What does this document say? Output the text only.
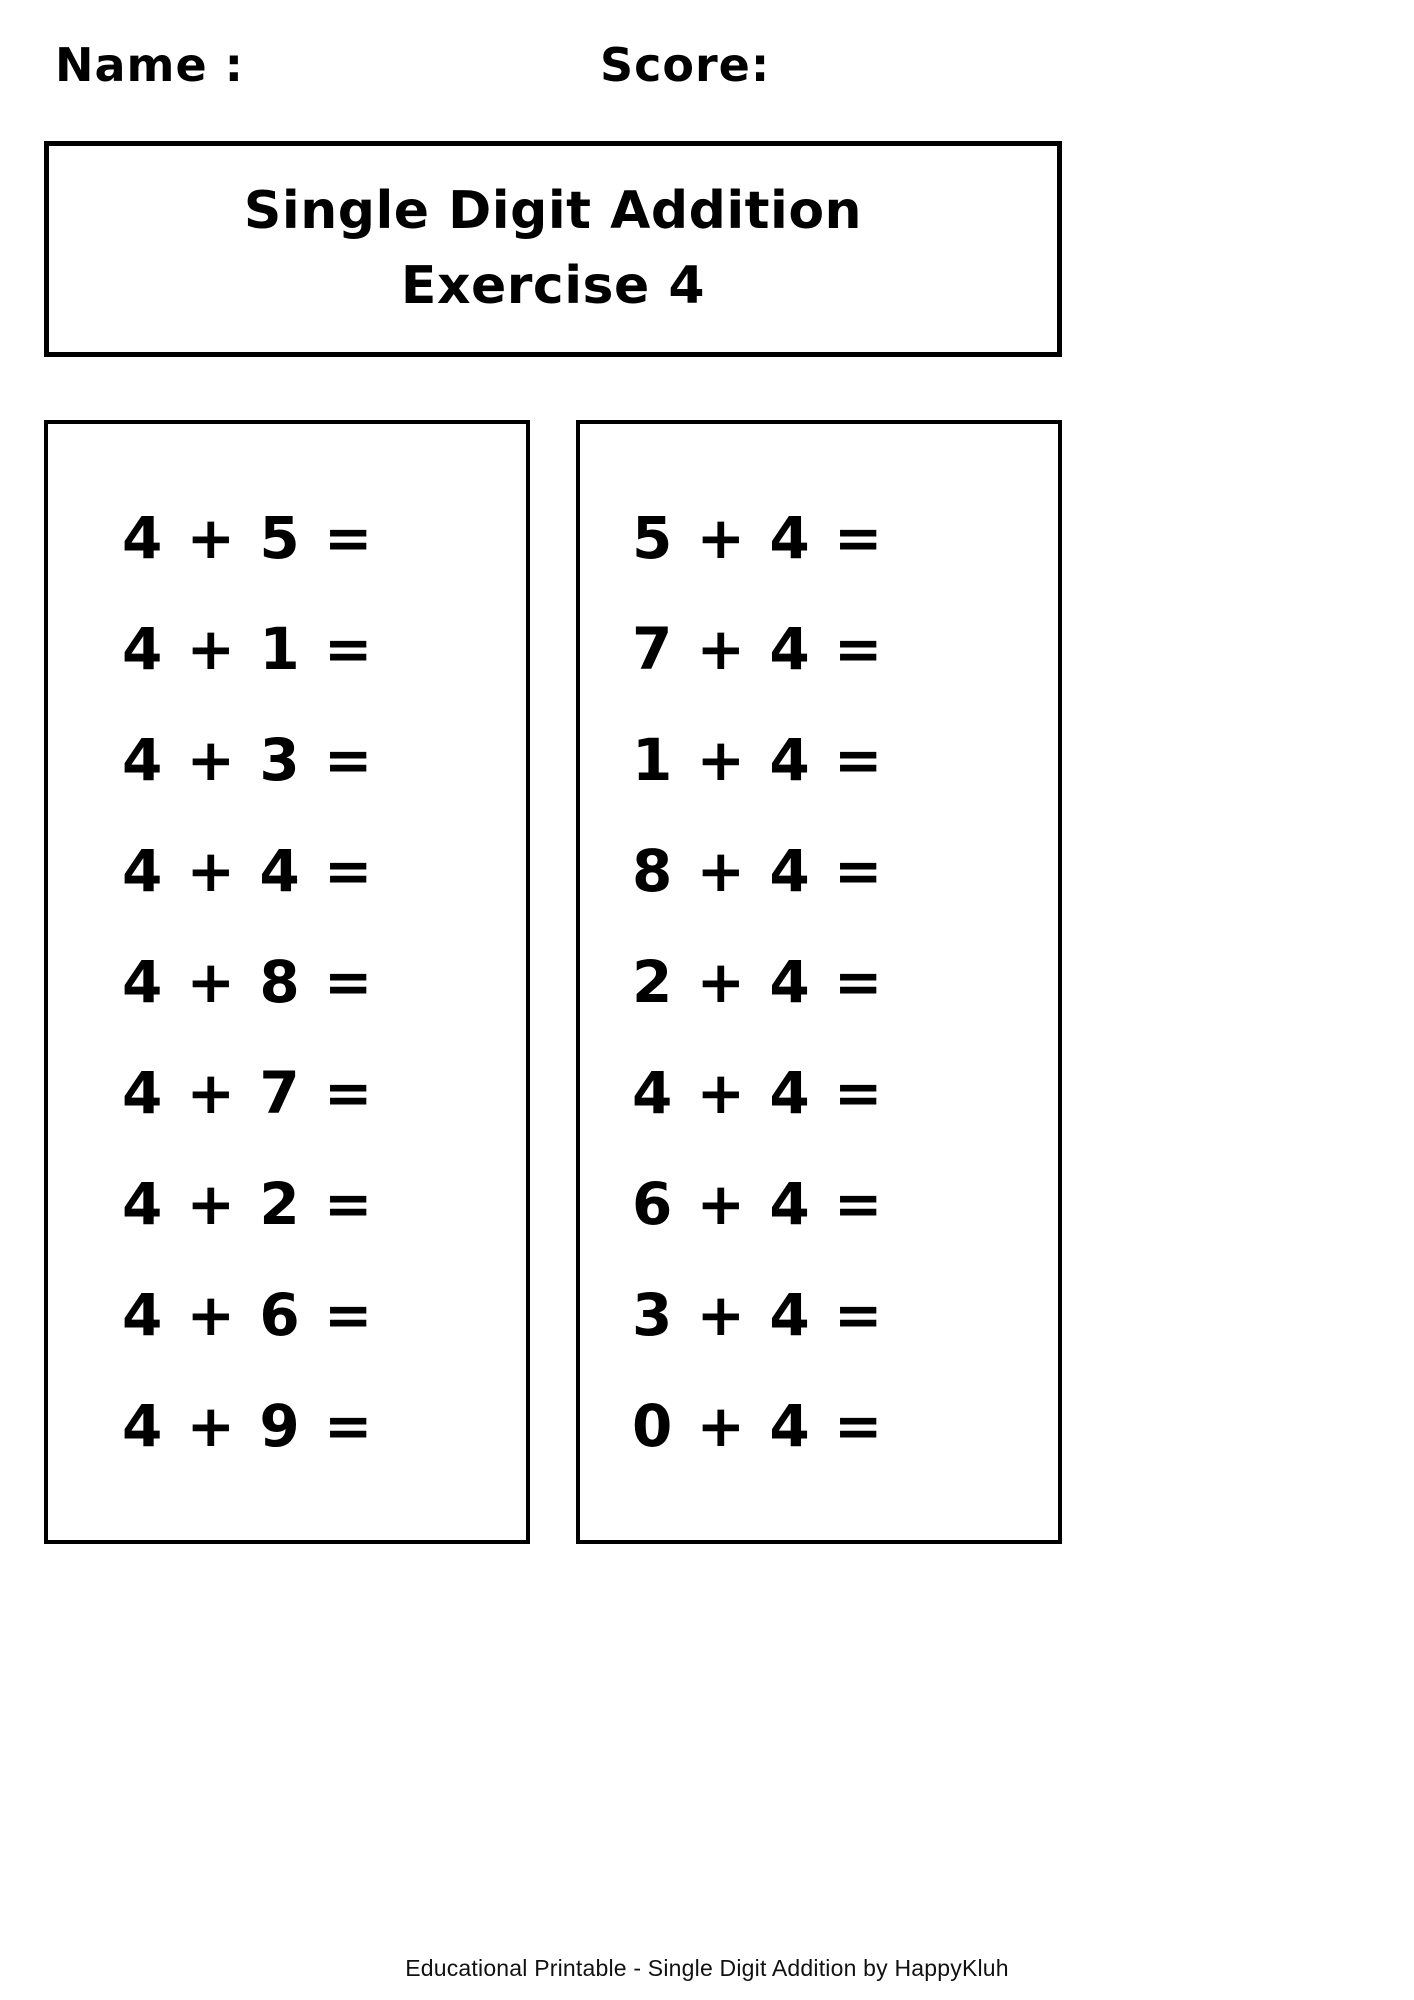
Name :	Score:
Single Digit Addition
Exercise 4
4 + 5 =
4 + 1 =
4 + 3 =
4 + 4 =
4 + 8 =
4 + 7 =
4 + 2 =
4 + 6 =
4 + 9 =
5 + 4 =
7 + 4 =
1 + 4 =
8 + 4 =
2 + 4 =
4 + 4 =
6 + 4 =
3 + 4 =
0 + 4 =
Educational Printable - Single Digit Addition by HappyKluh
